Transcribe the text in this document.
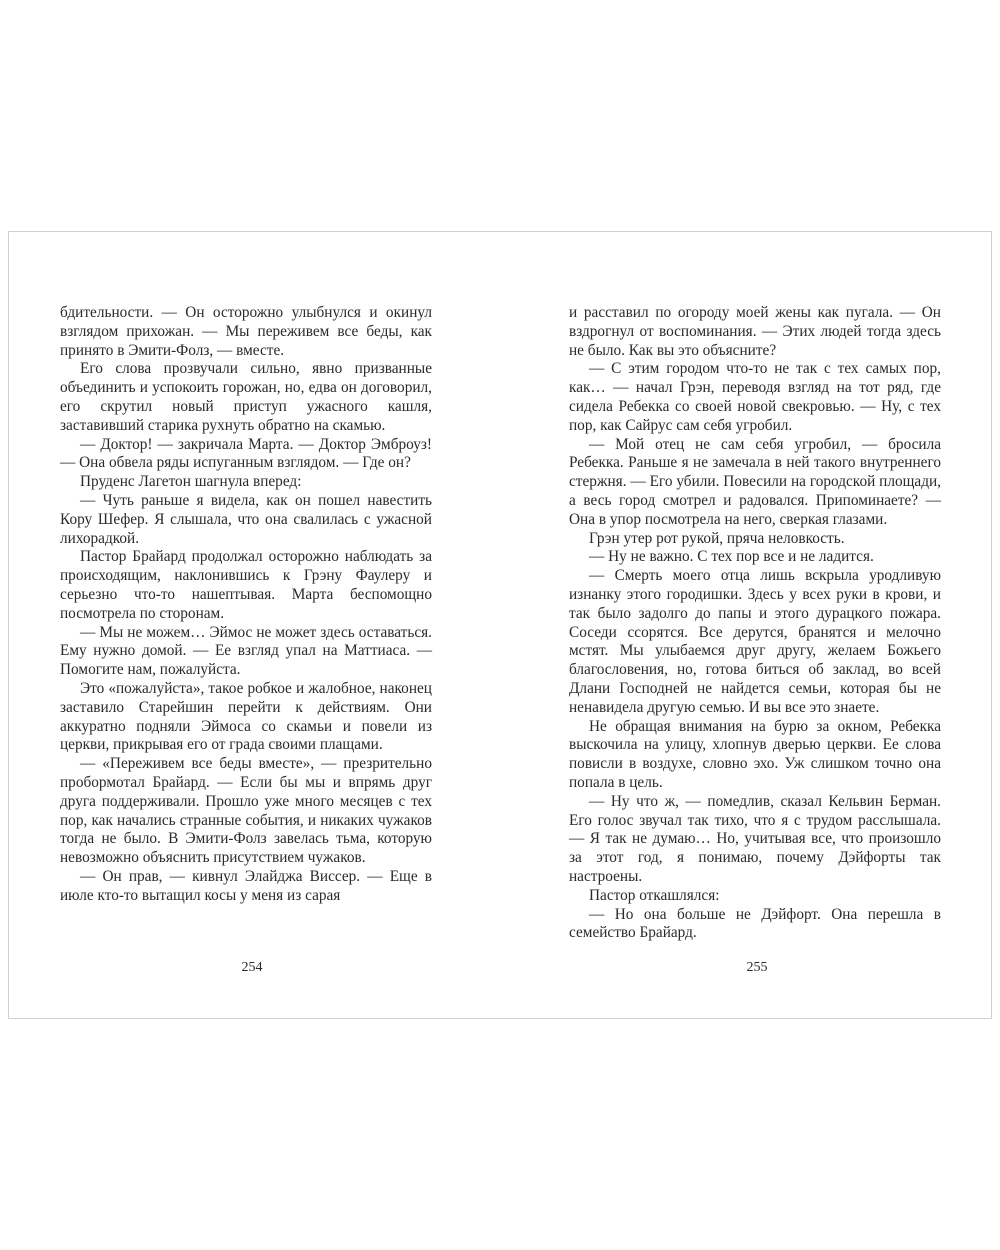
бдительности. — Он осторожно улыбнулся и окинул взглядом прихожан. — Мы переживем все беды, как принято в Эмити-Фолз, — вместе.

Его слова прозвучали сильно, явно призванные объединить и успокоить горожан, но, едва он договорил, его скрутил новый приступ ужасного кашля, заставивший старика рухнуть обратно на скамью.

— Доктор! — закричала Марта. — Доктор Эмброуз! — Она обвела ряды испуганным взглядом. — Где он?

Пруденс Лагетон шагнула вперед:

— Чуть раньше я видела, как он пошел навестить Кору Шефер. Я слышала, что она свалилась с ужасной лихорадкой.

Пастор Брайард продолжал осторожно наблюдать за происходящим, наклонившись к Грэну Фаулеру и серьезно что-то нашептывая. Марта беспомощно посмотрела по сторонам.

— Мы не можем… Эймос не может здесь оставаться. Ему нужно домой. — Ее взгляд упал на Маттиаса. — Помогите нам, пожалуйста.

Это «пожалуйста», такое робкое и жалобное, наконец заставило Старейшин перейти к действиям. Они аккуратно подняли Эймоса со скамьи и повели из церкви, прикрывая его от града своими плащами.

— «Переживем все беды вместе», — презрительно пробормотал Брайард. — Если бы мы и впрямь друг друга поддерживали. Прошло уже много месяцев с тех пор, как начались странные события, и никаких чужаков тогда не было. В Эмити-Фолз завелась тьма, которую невозможно объяснить присутствием чужаков.

— Он прав, — кивнул Элайджа Виссер. — Еще в июле кто-то вытащил косы у меня из сарая

254

и расставил по огороду моей жены как пугала. — Он вздрогнул от воспоминания. — Этих людей тогда здесь не было. Как вы это объясните?

— С этим городом что-то не так с тех самых пор, как… — начал Грэн, переводя взгляд на тот ряд, где сидела Ребекка со своей новой свекровью. — Ну, с тех пор, как Сайрус сам себя угробил.

— Мой отец не сам себя угробил, — бросила Ребекка. Раньше я не замечала в ней такого внутреннего стержня. — Его убили. Повесили на городской площади, а весь город смотрел и радовался. Припоминаете? — Она в упор посмотрела на него, сверкая глазами.

Грэн утер рот рукой, пряча неловкость.

— Ну не важно. С тех пор все и не ладится.

— Смерть моего отца лишь вскрыла уродливую изнанку этого городишки. Здесь у всех руки в крови, и так было задолго до папы и этого дурацкого пожара. Соседи ссорятся. Все дерутся, бранятся и мелочно мстят. Мы улыбаемся друг другу, желаем Божьего благословения, но, готова биться об заклад, во всей Длани Господней не найдется семьи, которая бы не ненавидела другую семью. И вы все это знаете.

Не обращая внимания на бурю за окном, Ребекка выскочила на улицу, хлопнув дверью церкви. Ее слова повисли в воздухе, словно эхо. Уж слишком точно она попала в цель.

— Ну что ж, — помедлив, сказал Кельвин Берман. Его голос звучал так тихо, что я с трудом расслышала. — Я так не думаю… Но, учитывая все, что произошло за этот год, я понимаю, почему Дэйфорты так настроены.

Пастор откашлялся:

— Но она больше не Дэйфорт. Она перешла в семейство Брайард.

255
